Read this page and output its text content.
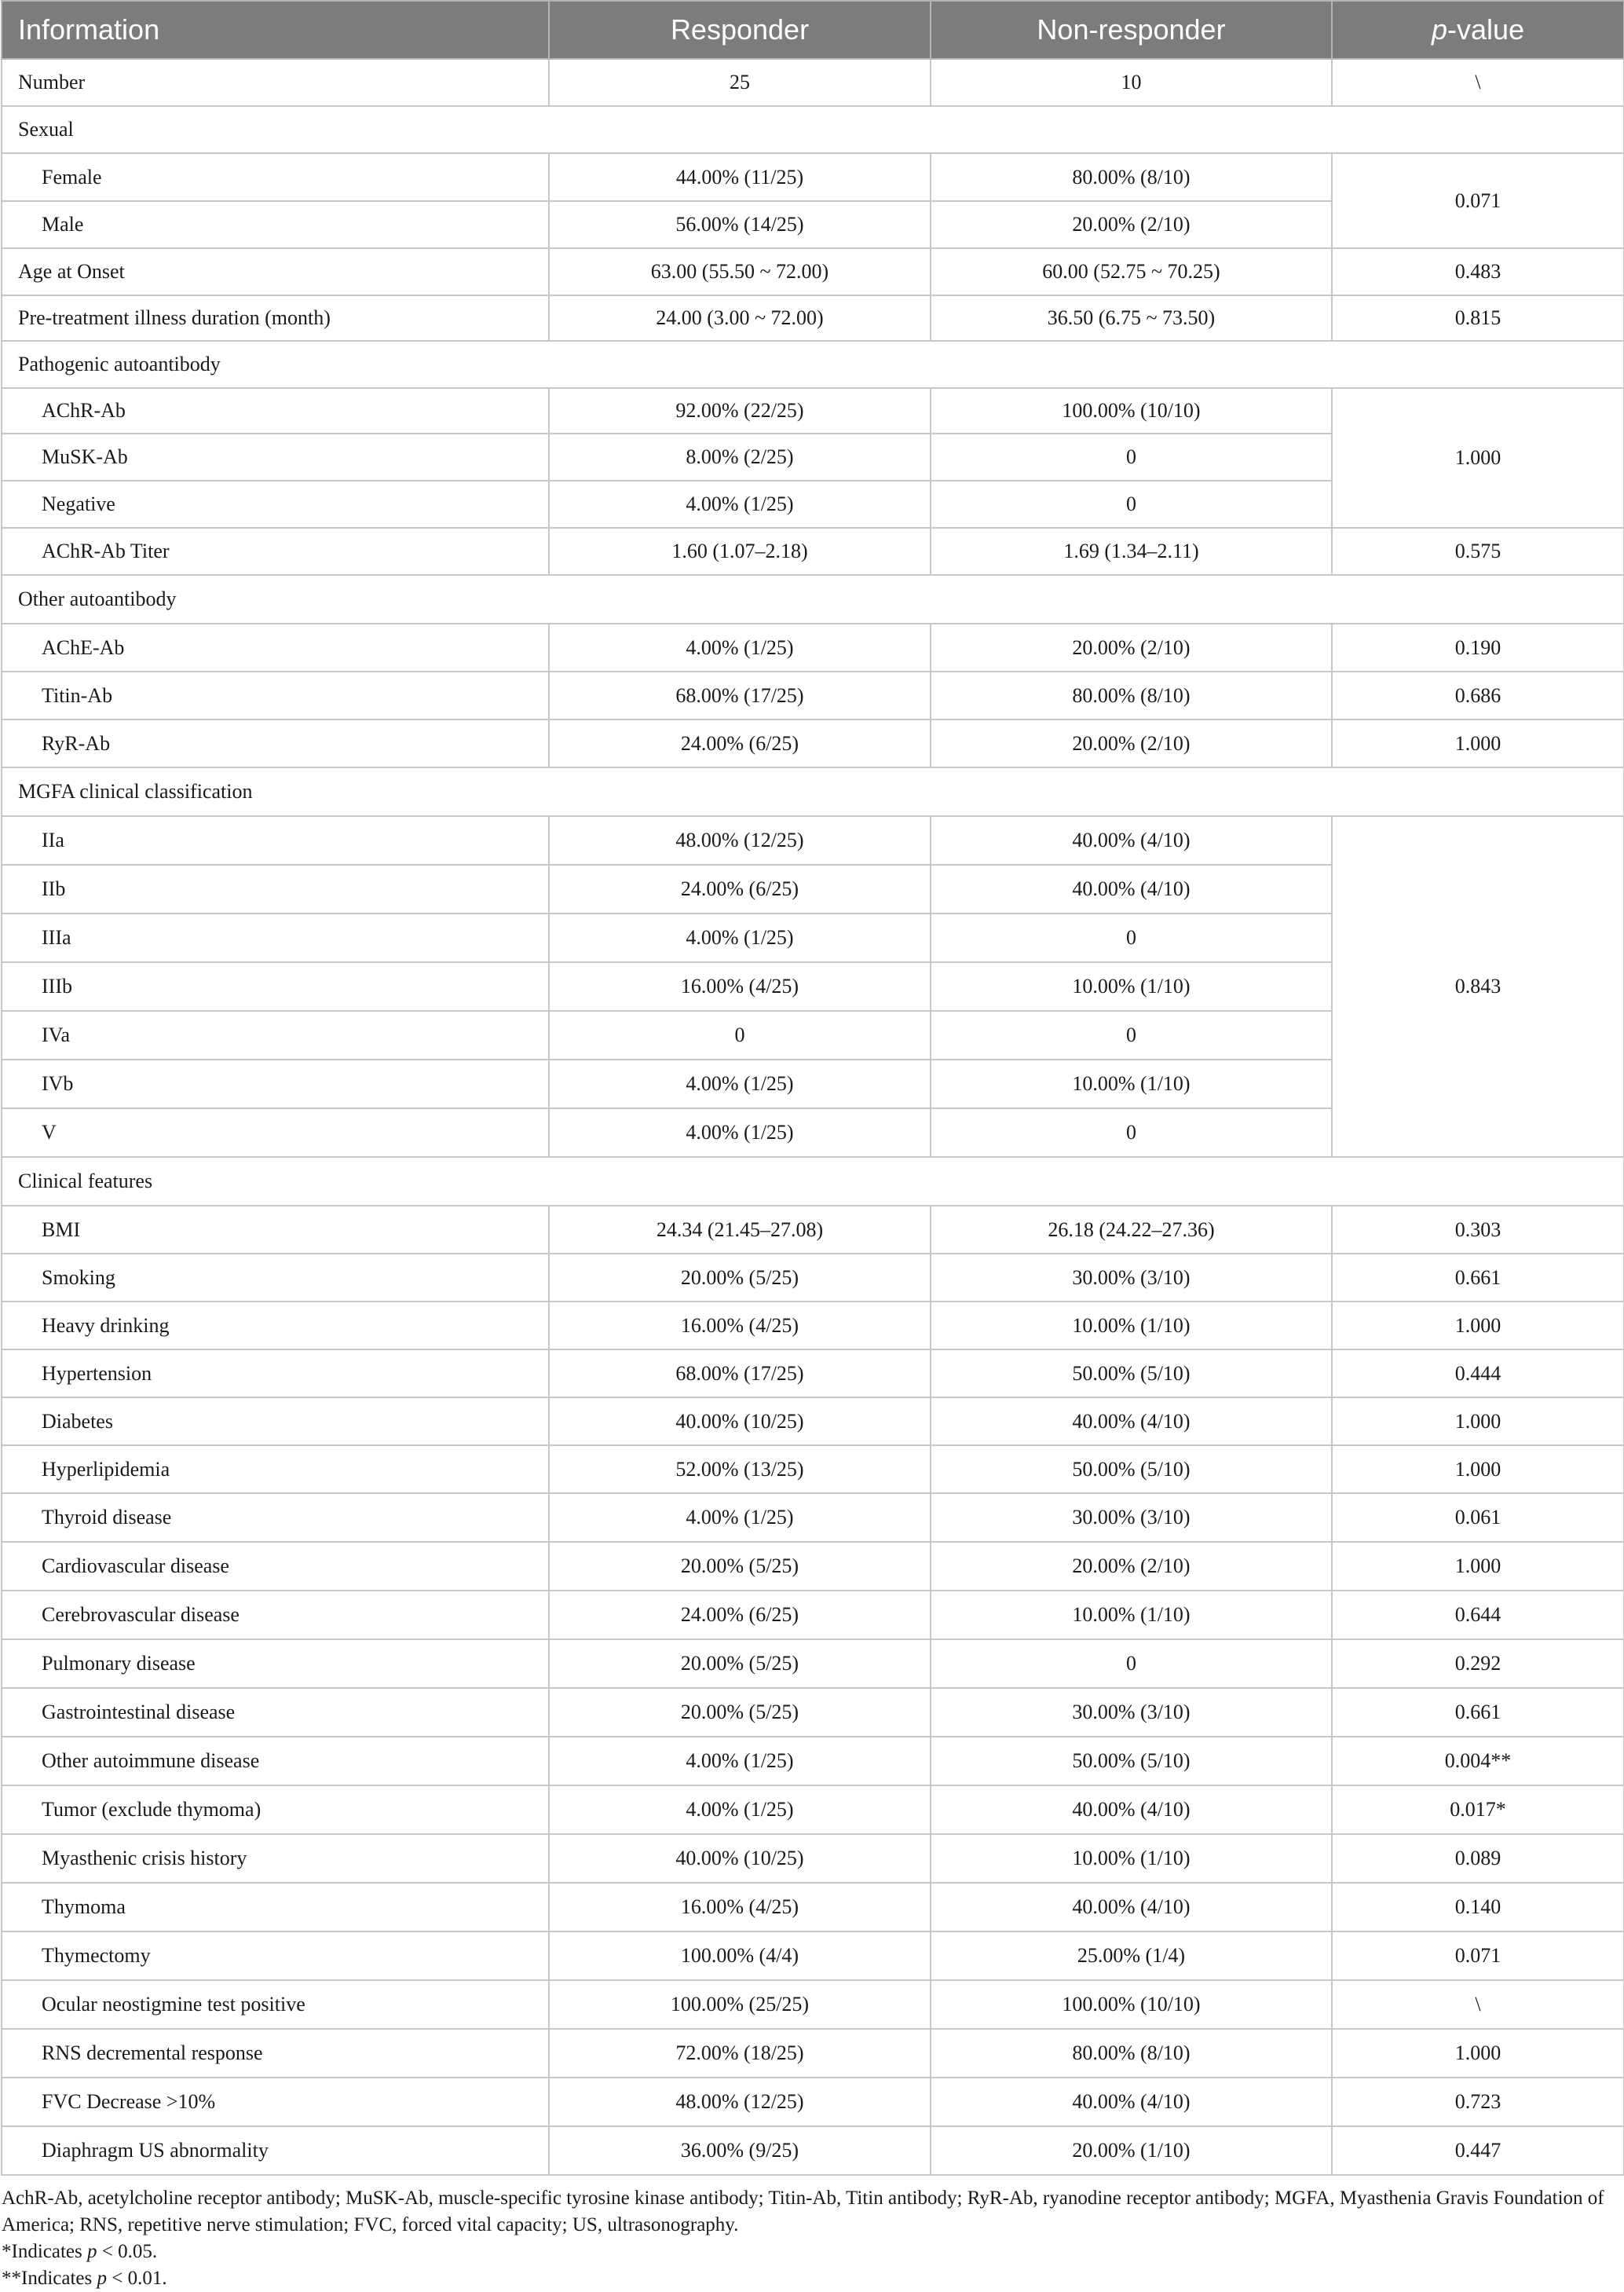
Information	Responder	Non-responder	p-value
Number	25	10	\
Sexual			
Female	44.00% (11/25)	80.00% (8/10)	0.071
Male	56.00% (14/25)	20.00% (2/10)	
Age at Onset	63.00 (55.50 ~ 72.00)	60.00 (52.75 ~ 70.25)	0.483
Pre-treatment illness duration (month)	24.00 (3.00 ~ 72.00)	36.50 (6.75 ~ 73.50)	0.815
Pathogenic autoantibody			
AChR-Ab	92.00% (22/25)	100.00% (10/10)	1.000
MuSK-Ab	8.00% (2/25)	0	
Negative	4.00% (1/25)	0	
AChR-Ab Titer	1.60 (1.07–2.18)	1.69 (1.34–2.11)	0.575
Other autoantibody			
AChE-Ab	4.00% (1/25)	20.00% (2/10)	0.190
Titin-Ab	68.00% (17/25)	80.00% (8/10)	0.686
RyR-Ab	24.00% (6/25)	20.00% (2/10)	1.000
MGFA clinical classification			
IIa	48.00% (12/25)	40.00% (4/10)	0.843
IIb	24.00% (6/25)	40.00% (4/10)	
IIIa	4.00% (1/25)	0	
IIIb	16.00% (4/25)	10.00% (1/10)	
IVa	0	0	
IVb	4.00% (1/25)	10.00% (1/10)	
V	4.00% (1/25)	0	
Clinical features			
BMI	24.34 (21.45–27.08)	26.18 (24.22–27.36)	0.303
Smoking	20.00% (5/25)	30.00% (3/10)	0.661
Heavy drinking	16.00% (4/25)	10.00% (1/10)	1.000
Hypertension	68.00% (17/25)	50.00% (5/10)	0.444
Diabetes	40.00% (10/25)	40.00% (4/10)	1.000
Hyperlipidemia	52.00% (13/25)	50.00% (5/10)	1.000
Thyroid disease	4.00% (1/25)	30.00% (3/10)	0.061
Cardiovascular disease	20.00% (5/25)	20.00% (2/10)	1.000
Cerebrovascular disease	24.00% (6/25)	10.00% (1/10)	0.644
Pulmonary disease	20.00% (5/25)	0	0.292
Gastrointestinal disease	20.00% (5/25)	30.00% (3/10)	0.661
Other autoimmune disease	4.00% (1/25)	50.00% (5/10)	0.004**
Tumor (exclude thymoma)	4.00% (1/25)	40.00% (4/10)	0.017*
Myasthenic crisis history	40.00% (10/25)	10.00% (1/10)	0.089
Thymoma	16.00% (4/25)	40.00% (4/10)	0.140
Thymectomy	100.00% (4/4)	25.00% (1/4)	0.071
Ocular neostigmine test positive	100.00% (25/25)	100.00% (10/10)	\
RNS decremental response	72.00% (18/25)	80.00% (8/10)	1.000
FVC Decrease >10%	48.00% (12/25)	40.00% (4/10)	0.723
Diaphragm US abnormality	36.00% (9/25)	20.00% (1/10)	0.447
AchR-Ab, acetylcholine receptor antibody; MuSK-Ab, muscle-specific tyrosine kinase antibody; Titin-Ab, Titin antibody; RyR-Ab, ryanodine receptor antibody; MGFA, Myasthenia Gravis Foundation of America; RNS, repetitive nerve stimulation; FVC, forced vital capacity; US, ultrasonography.
*Indicates p < 0.05.
**Indicates p < 0.01.
